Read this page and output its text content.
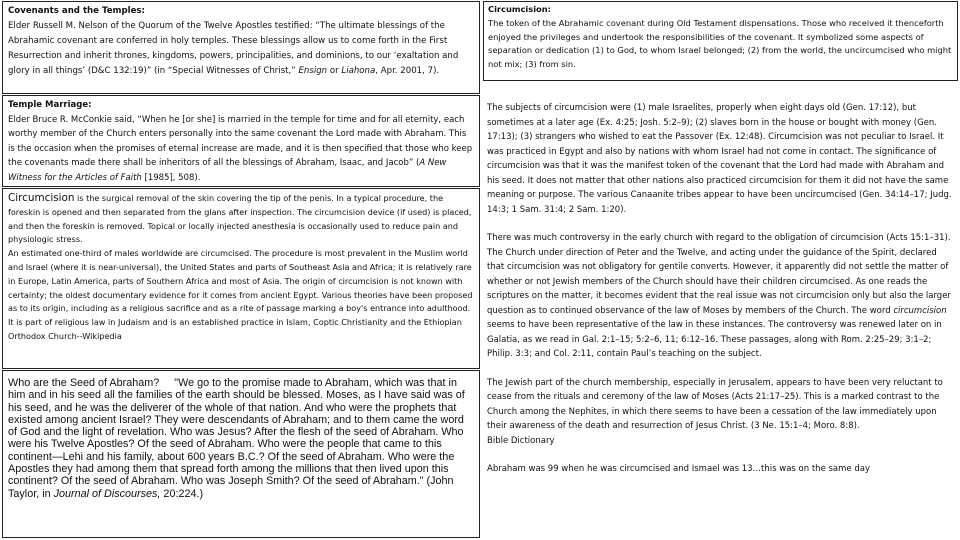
Covenants and the Temples:

Elder Russell M. Nelson of the Quorum of the Twelve Apostles testified: “The ultimate blessings of the Abrahamic covenant are conferred in holy temples. These blessings allow us to come forth in the First Resurrection and inherit thrones, kingdoms, powers, principalities, and dominions, to our ‘exaltation and glory in all things’ (D&C 132:19)” (in “Special Witnesses of Christ,” Ensign or Liahona, Apr. 2001, 7).

Temple Marriage:

Elder Bruce R. McConkie said, “When he [or she] is married in the temple for time and for all eternity, each worthy member of the Church enters personally into the same covenant the Lord made with Abraham. This is the occasion when the promises of eternal increase are made, and it is then specified that those who keep the covenants made there shall be inheritors of all the blessings of Abraham, Isaac, and Jacob” (A New Witness for the Articles of Faith [1985], 508).

Circumcision is the surgical removal of the skin covering the tip of the penis. In a typical procedure, the foreskin is opened and then separated from the glans after inspection. The circumcision device (if used) is placed, and then the foreskin is removed. Topical or locally injected anesthesia is occasionally used to reduce pain and physiologic stress.

An estimated one-third of males worldwide are circumcised. The procedure is most prevalent in the Muslim world and Israel (where it is near-universal), the United States and parts of Southeast Asia and Africa; it is relatively rare in Europe, Latin America, parts of Southern Africa and most of Asia. The origin of circumcision is not known with certainty; the oldest documentary evidence for it comes from ancient Egypt. Various theories have been proposed as to its origin, including as a religious sacrifice and as a rite of passage marking a boy's entrance into adulthood. It is part of religious law in Judaism and is an established practice in Islam, Coptic Christianity and the Ethiopian Orthodox Church--Wikipedia

Who are the Seed of Abraham?     "We go to the promise made to Abraham, which was that in him and in his seed all the families of the earth should be blessed. Moses, as I have said was of his seed, and he was the deliverer of the whole of that nation. And who were the prophets that existed among ancient Israel? They were descendants of Abraham; and to them came the word of God and the light of revelation. Who was Jesus? After the flesh of the seed of Abraham. Who were his Twelve Apostles? Of the seed of Abraham. Who were the people that came to this continent—Lehi and his family, about 600 years B.C.? Of the seed of Abraham. Who were the Apostles they had among them that spread forth among the millions that then lived upon this continent? Of the seed of Abraham. Who was Joseph Smith? Of the seed of Abraham." (John Taylor, in Journal of Discourses, 20:224.)

Circumcision:

The token of the Abrahamic covenant during Old Testament dispensations. Those who received it thenceforth enjoyed the privileges and undertook the responsibilities of the covenant. It symbolized some aspects of separation or dedication (1) to God, to whom Israel belonged; (2) from the world, the uncircumcised who might not mix; (3) from sin.

The subjects of circumcision were (1) male Israelites, properly when eight days old (Gen. 17:12), but sometimes at a later age (Ex. 4:25; Josh. 5:2–9); (2) slaves born in the house or bought with money (Gen. 17:13); (3) strangers who wished to eat the Passover (Ex. 12:48). Circumcision was not peculiar to Israel. It was practiced in Egypt and also by nations with whom Israel had not come in contact. The significance of circumcision was that it was the manifest token of the covenant that the Lord had made with Abraham and his seed. It does not matter that other nations also practiced circumcision for them it did not have the same meaning or purpose. The various Canaanite tribes appear to have been uncircumcised (Gen. 34:14–17; Judg. 14:3; 1 Sam. 31:4; 2 Sam. 1:20).

There was much controversy in the early church with regard to the obligation of circumcision (Acts 15:1–31). The Church under direction of Peter and the Twelve, and acting under the guidance of the Spirit, declared that circumcision was not obligatory for gentile converts. However, it apparently did not settle the matter of whether or not Jewish members of the Church should have their children circumcised. As one reads the scriptures on the matter, it becomes evident that the real issue was not circumcision only but also the larger question as to continued observance of the law of Moses by members of the Church. The word circumcision seems to have been representative of the law in these instances. The controversy was renewed later on in Galatia, as we read in Gal. 2:1–15; 5:2–6, 11; 6:12–16. These passages, along with Rom. 2:25–29; 3:1–2; Philip. 3:3; and Col. 2:11, contain Paul’s teaching on the subject.

The Jewish part of the church membership, especially in Jerusalem, appears to have been very reluctant to cease from the rituals and ceremony of the law of Moses (Acts 21:17–25). This is a marked contrast to the Church among the Nephites, in which there seems to have been a cessation of the law immediately upon their awareness of the death and resurrection of Jesus Christ. (3 Ne. 15:1–4; Moro. 8:8).

Bible Dictionary

Abraham was 99 when he was circumcised and Ismael was 13…this was on the same day
